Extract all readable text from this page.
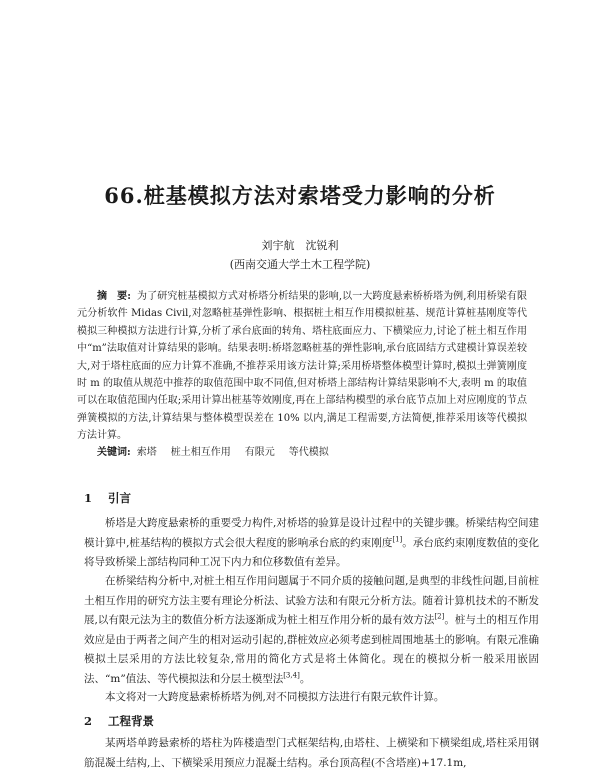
66.桩基模拟方法对索塔受力影响的分析
刘宇航　沈锐利
(西南交通大学土木工程学院)
摘　要: 为了研究桩基模拟方式对桥塔分析结果的影响,以一大跨度悬索桥桥塔为例,利用桥梁有限元分析软件 Midas Civil,对忽略桩基弹性影响、根据桩土相互作用模拟桩基、规范计算桩基刚度等代模拟三种模拟方法进行计算,分析了承台底面的转角、塔柱底面应力、下横梁应力,讨论了桩土相互作用中“m”法取值对计算结果的影响。结果表明:桥塔忽略桩基的弹性影响,承台底固结方式建模计算误差较大,对于塔柱底面的应力计算不准确,不推荐采用该方法计算;采用桥塔整体模型计算时,模拟土弹簧刚度时 m 的取值从规范中推荐的取值范围中取不同值,但对桥塔上部结构计算结果影响不大,表明 m 的取值可以在取值范围内任取;采用计算出桩基等效刚度,再在上部结构模型的承台底节点加上对应刚度的节点弹簧模拟的方法,计算结果与整体模型误差在 10% 以内,满足工程需要,方法简便,推荐采用该等代模拟方法计算。
关键词: 索塔 桩土相互作用 有限元 等代模拟
1 引言
桥塔是大跨度悬索桥的重要受力构件,对桥塔的验算是设计过程中的关键步骤。桥梁结构空间建模计算中,桩基结构的模拟方式会很大程度的影响承台底的约束刚度[1]。承台底约束刚度数值的变化将导致桥梁上部结构同种工况下内力和位移数值有差异。
在桥梁结构分析中,对桩土相互作用问题属于不同介质的接触问题,是典型的非线性问题,目前桩土相互作用的研究方法主要有理论分析法、试验方法和有限元分析方法。随着计算机技术的不断发展,以有限元法为主的数值分析方法逐渐成为桩土相互作用分析的最有效方法[2]。桩与土的相互作用效应是由于两者之间产生的相对运动引起的,群桩效应必须考虑到桩周围地基土的影响。有限元准确模拟土层采用的方法比较复杂,常用的简化方式是将土体简化。现在的模拟分析一般采用嵌固法、“m”值法、等代模拟法和分层土模型法[3,4]。
本文将对一大跨度悬索桥桥塔为例,对不同模拟方法进行有限元软件计算。
2 工程背景
某两塔单跨悬索桥的塔柱为阵楼造型门式框架结构,由塔柱、上横梁和下横梁组成,塔柱采用钢筋混凝土结构,上、下横梁采用预应力混凝土结构。承台顶高程(不含塔座)+17.1m,
